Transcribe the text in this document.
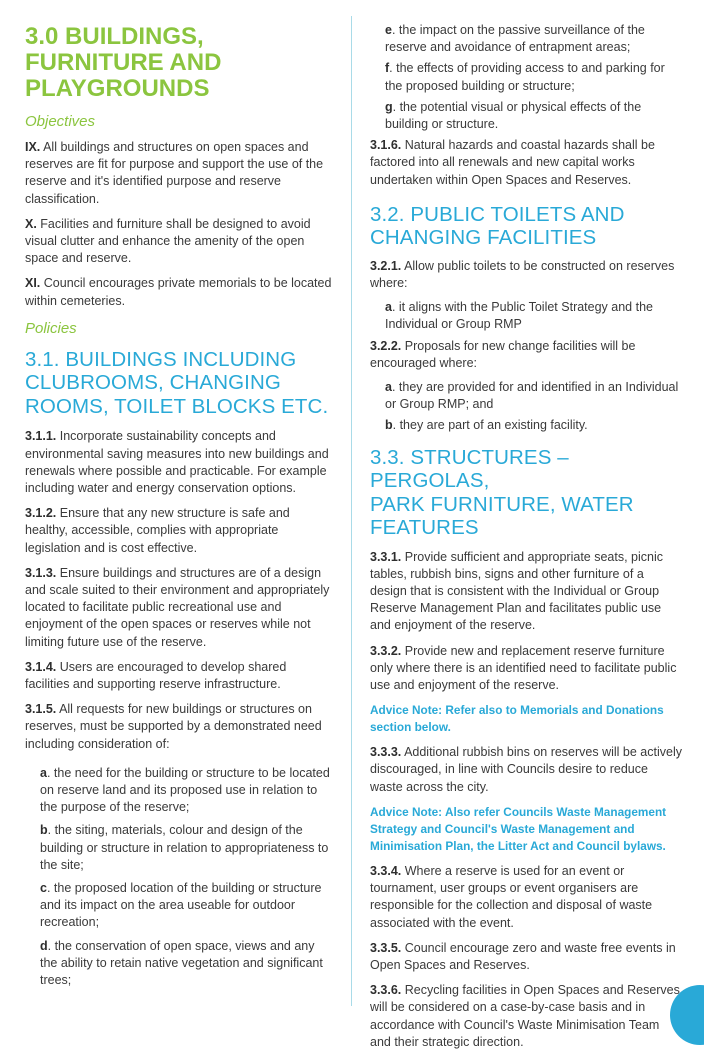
3.0 BUILDINGS,
FURNITURE AND
PLAYGROUNDS
Objectives

IX. All buildings and structures on open spaces and reserves are fit for purpose and support the use of the reserve and it's identified purpose and reserve classification.

X. Facilities and furniture shall be designed to avoid visual clutter and enhance the amenity of the open space and reserve.

XI. Council encourages private memorials to be located within cemeteries.

Policies
3.1. BUILDINGS INCLUDING
CLUBROOMS, CHANGING
ROOMS, TOILET BLOCKS ETC.

3.1.1. Incorporate sustainability concepts and environmental saving measures into new buildings and renewals where possible and practicable. For example including water and energy conservation options.

3.1.2. Ensure that any new structure is safe and healthy, accessible, complies with appropriate legislation and is cost effective.

3.1.3. Ensure buildings and structures are of a design and scale suited to their environment and appropriately located to facilitate public recreational use and enjoyment of the open spaces or reserves while not limiting future use of the reserve.

3.1.4. Users are encouraged to develop shared facilities and supporting reserve infrastructure.

3.1.5. All requests for new buildings or structures on reserves, must be supported by a demonstrated need including consideration of:

a. the need for the building or structure to be located on reserve land and its proposed use in relation to the purpose of the reserve;

b. the siting, materials, colour and design of the building or structure in relation to appropriateness to the site;

c. the proposed location of the building or structure and its impact on the area useable for outdoor recreation;

d. the conservation of open space, views and any the ability to retain native vegetation and significant trees;

e. the impact on the passive surveillance of the reserve and avoidance of entrapment areas;

f. the effects of providing access to and parking for the proposed building or structure;

g. the potential visual or physical effects of the building or structure.

3.1.6. Natural hazards and coastal hazards shall be factored into all renewals and new capital works undertaken within Open Spaces and Reserves.

3.2. PUBLIC TOILETS AND
CHANGING FACILITIES

3.2.1. Allow public toilets to be constructed on reserves where:

a. it aligns with the Public Toilet Strategy and the Individual or Group RMP

3.2.2. Proposals for new change facilities will be encouraged where:

a. they are provided for and identified in an Individual or Group RMP; and

b. they are part of an existing facility.

3.3. STRUCTURES – PERGOLAS,
PARK FURNITURE, WATER
FEATURES

3.3.1. Provide sufficient and appropriate seats, picnic tables, rubbish bins, signs and other furniture of a design that is consistent with the Individual or Group Reserve Management Plan and facilitates public use and enjoyment of the reserve.

3.3.2. Provide new and replacement reserve furniture only where there is an identified need to facilitate public use and enjoyment of the reserve.

Advice Note: Refer also to Memorials and Donations section below.

3.3.3. Additional rubbish bins on reserves will be actively discouraged, in line with Councils desire to reduce waste across the city.

Advice Note: Also refer Councils Waste Management Strategy and Council's Waste Management and Minimisation Plan, the Litter Act and Council bylaws.

3.3.4. Where a reserve is used for an event or tournament, user groups or event organisers are responsible for the collection and disposal of waste associated with the event.

3.3.5. Council encourage zero and waste free events in Open Spaces and Reserves.

3.3.6. Recycling facilities in Open Spaces and Reserves will be considered on a case-by-case basis and in accordance with Council's Waste Minimisation Team and their strategic direction.
